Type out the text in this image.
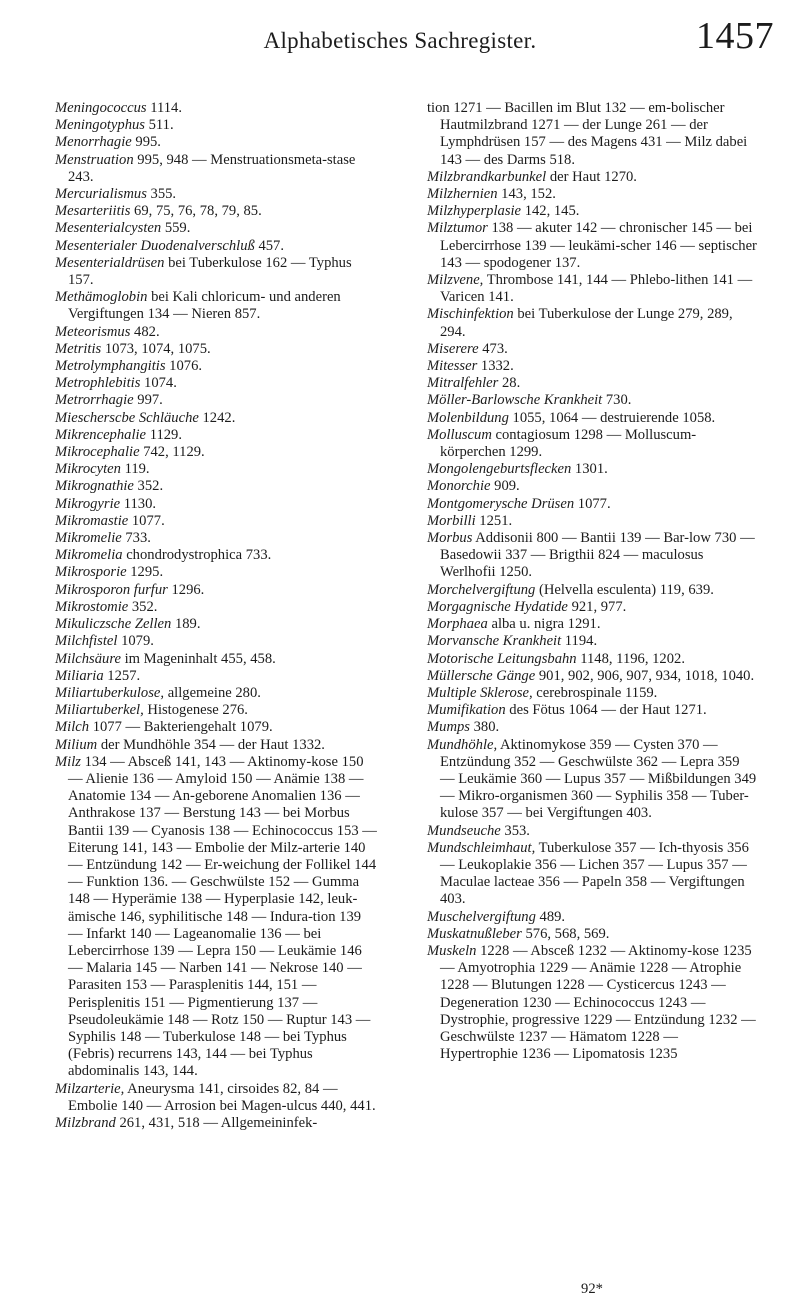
Alphabetisches Sachregister.	1457
Meningococcus 1114.
Meningotyphus 511.
Menorrhagie 995.
Menstruation 995, 948 — Menstruationsmeta-stase 243.
Mercurialismus 355.
Mesarteriitis 69, 75, 76, 78, 79, 85.
Mesenterialcysten 559.
Mesenterialer Duodenalverschluß 457.
Mesenterialdrüsen bei Tuberkulose 162 — Typhus 157.
Methämoglobin bei Kali chloricum- und anderen Vergiftungen 134 — Nieren 857.
Meteorismus 482.
Metritis 1073, 1074, 1075.
Metrolymphangitis 1076.
Metrophlebitis 1074.
Metrorrhagie 997.
Miescherscbe Schläuche 1242.
Mikrencephalie 1129.
Mikrocephalie 742, 1129.
Mikrocyten 119.
Mikrognathie 352.
Mikrogyrie 1130.
Mikromastie 1077.
Mikromelie 733.
Mikromelia chondrodystrophica 733.
Mikrosporie 1295.
Mikrosporon furfur 1296.
Mikrostomie 352.
Mikuliczsche Zellen 189.
Milchfistel 1079.
Milchsäure im Mageninhalt 455, 458.
Miliaria 1257.
Miliartuberkulose, allgemeine 280.
Miliartuberkel, Histogenese 276.
Milch 1077 — Bakteriengehalt 1079.
Milium der Mundhöhle 354 — der Haut 1332.
Milz 134 — Absceß 141, 143 — Aktinomy-kose 150 — Alienie 136 — Amyloid 150 — Anämie 138 — Anatomie 134 — An-geborene Anomalien 136 — Anthrakose 137 — Berstung 143 — bei Morbus Bantii 139 — Cyanosis 138 — Echinococcus 153 — Eiterung 141, 143 — Embolie der Milz-arterie 140 — Entzündung 142 — Er-weichung der Follikel 144 — Funktion 136. — Geschwülste 152 — Gumma 148 — Hyperämie 138 — Hyperplasie 142, leuk-ämische 146, syphilitische 148 — Indura-tion 139 — Infarkt 140 — Lageanomalie 136 — bei Lebercirrhose 139 — Lepra 150 — Leukämie 146 — Malaria 145 — Narben 141 — Nekrose 140 — Parasiten 153 — Parasplenitis 144, 151 — Perisplenitis 151 — Pigmentierung 137 — Pseudoleukämie 148 — Rotz 150 — Ruptur 143 — Syphilis 148 — Tuberkulose 148 — bei Typhus (Febris) recurrens 143, 144 — bei Typhus abdominalis 143, 144.
Milzarterie, Aneurysma 141, cirsoides 82, 84 — Embolie 140 — Arrosion bei Magen-ulcus 440, 441.
Milzbrand 261, 431, 518 — Allgemeininfek-
tion 1271 — Bacillen im Blut 132 — em-bolischer Hautmilzbrand 1271 — der Lunge 261 — der Lymphdrüsen 157 — des Magens 431 — Milz dabei 143 — des Darms 518.
Milzbrandkarbunkel der Haut 1270.
Milzhernien 143, 152.
Milzhyperplasie 142, 145.
Milztumor 138 — akuter 142 — chronischer 145 — bei Lebercirrhose 139 — leukämi-scher 146 — septischer 143 — spodogener 137.
Milzvene, Thrombose 141, 144 — Phlebo-lithen 141 — Varicen 141.
Mischinfektion bei Tuberkulose der Lunge 279, 289, 294.
Miserere 473.
Mitesser 1332.
Mitralfehler 28.
Möller-Barlowsche Krankheit 730.
Molenbildung 1055, 1064 — destruierende 1058.
Molluscum contagiosum 1298 — Molluscum-körperchen 1299.
Mongolengeburtsflecken 1301.
Monorchie 909.
Montgomerysche Drüsen 1077.
Morbilli 1251.
Morbus Addisonii 800 — Bantii 139 — Bar-low 730 — Basedowii 337 — Brigthii 824 — maculosus Werlhofii 1250.
Morchelvergiftung (Helvella esculenta) 119, 639.
Morgagnische Hydatide 921, 977.
Morphaea alba u. nigra 1291.
Morvansche Krankheit 1194.
Motorische Leitungsbahn 1148, 1196, 1202.
Müllersche Gänge 901, 902, 906, 907, 934, 1018, 1040.
Multiple Sklerose, cerebrospinale 1159.
Mumifikation des Fötus 1064 — der Haut 1271.
Mumps 380.
Mundhöhle, Aktinomykose 359 — Cysten 370 — Entzündung 352 — Geschwülste 362 — Lepra 359 — Leukämie 360 — Lupus 357 — Mißbildungen 349 — Mikro-organismen 360 — Syphilis 358 — Tuber-kulose 357 — bei Vergiftungen 403.
Mundseuche 353.
Mundschleimhaut, Tuberkulose 357 — Ich-thyosis 356 — Leukoplakie 356 — Lichen 357 — Lupus 357 — Maculae lacteae 356 — Papeln 358 — Vergiftungen 403.
Muschelvergiftung 489.
Muskatnußleber 576, 568, 569.
Muskeln 1228 — Absceß 1232 — Aktinomy-kose 1235 — Amyotrophia 1229 — Anämie 1228 — Atrophie 1228 — Blutungen 1228 — Cysticercus 1243 — Degeneration 1230 — Echinococcus 1243 — Dystrophie, progressive 1229 — Entzündung 1232 — Geschwülste 1237 — Hämatom 1228 — Hypertrophie 1236 — Lipomatosis 1235
92*
